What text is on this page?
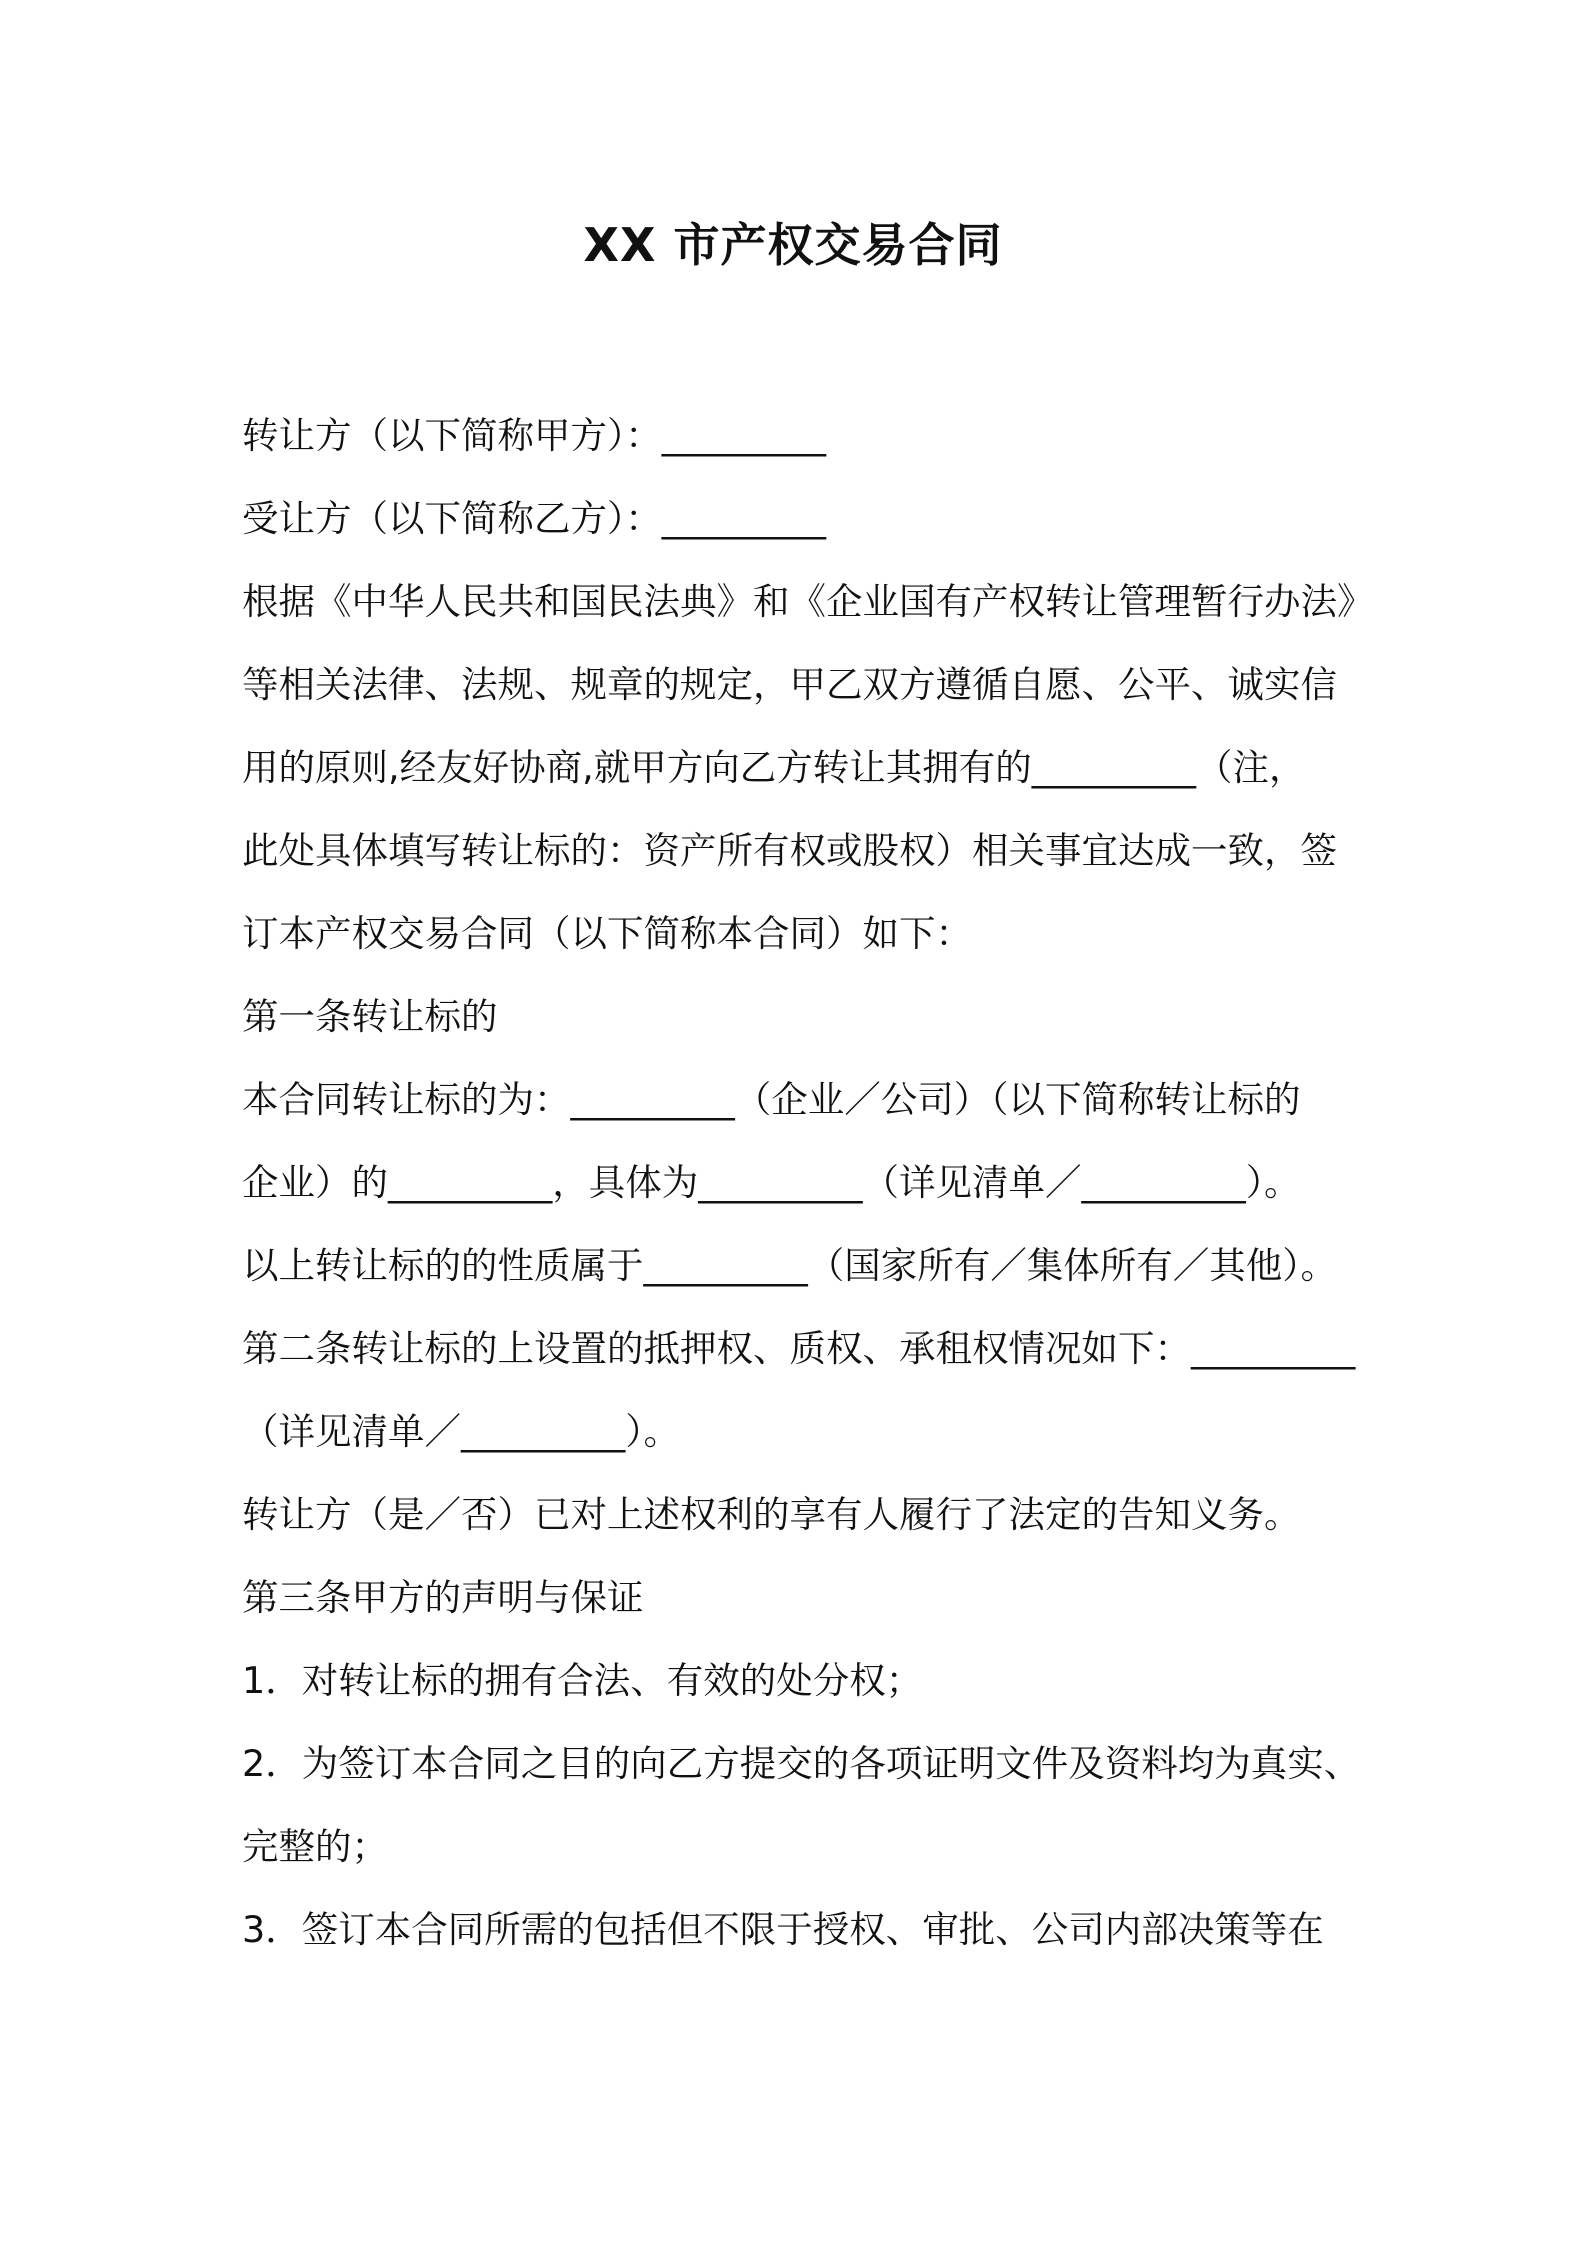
XX 市产权交易合同
转让方（以下简称甲方）：_________
受让方（以下简称乙方）：_________
根据《中华人民共和国民法典》和《企业国有产权转让管理暂行办法》
等相关法律、法规、规章的规定，甲乙双方遵循自愿、公平、诚实信
用的原则,经友好协商,就甲方向乙方转让其拥有的_________（注，
此处具体填写转让标的：资产所有权或股权）相关事宜达成一致，签
订本产权交易合同（以下简称本合同）如下：
第一条转让标的
本合同转让标的为：_________（企业／公司）（以下简称转让标的
企业）的_________，具体为_________（详见清单／_________）。
以上转让标的的性质属于_________（国家所有／集体所有／其他）。
第二条转让标的上设置的抵押权、质权、承租权情况如下：_________
（详见清单／_________）。
转让方（是／否）已对上述权利的享有人履行了法定的告知义务。
第三条甲方的声明与保证
1．对转让标的拥有合法、有效的处分权；
2．为签订本合同之目的向乙方提交的各项证明文件及资料均为真实、
完整的；
3．签订本合同所需的包括但不限于授权、审批、公司内部决策等在
